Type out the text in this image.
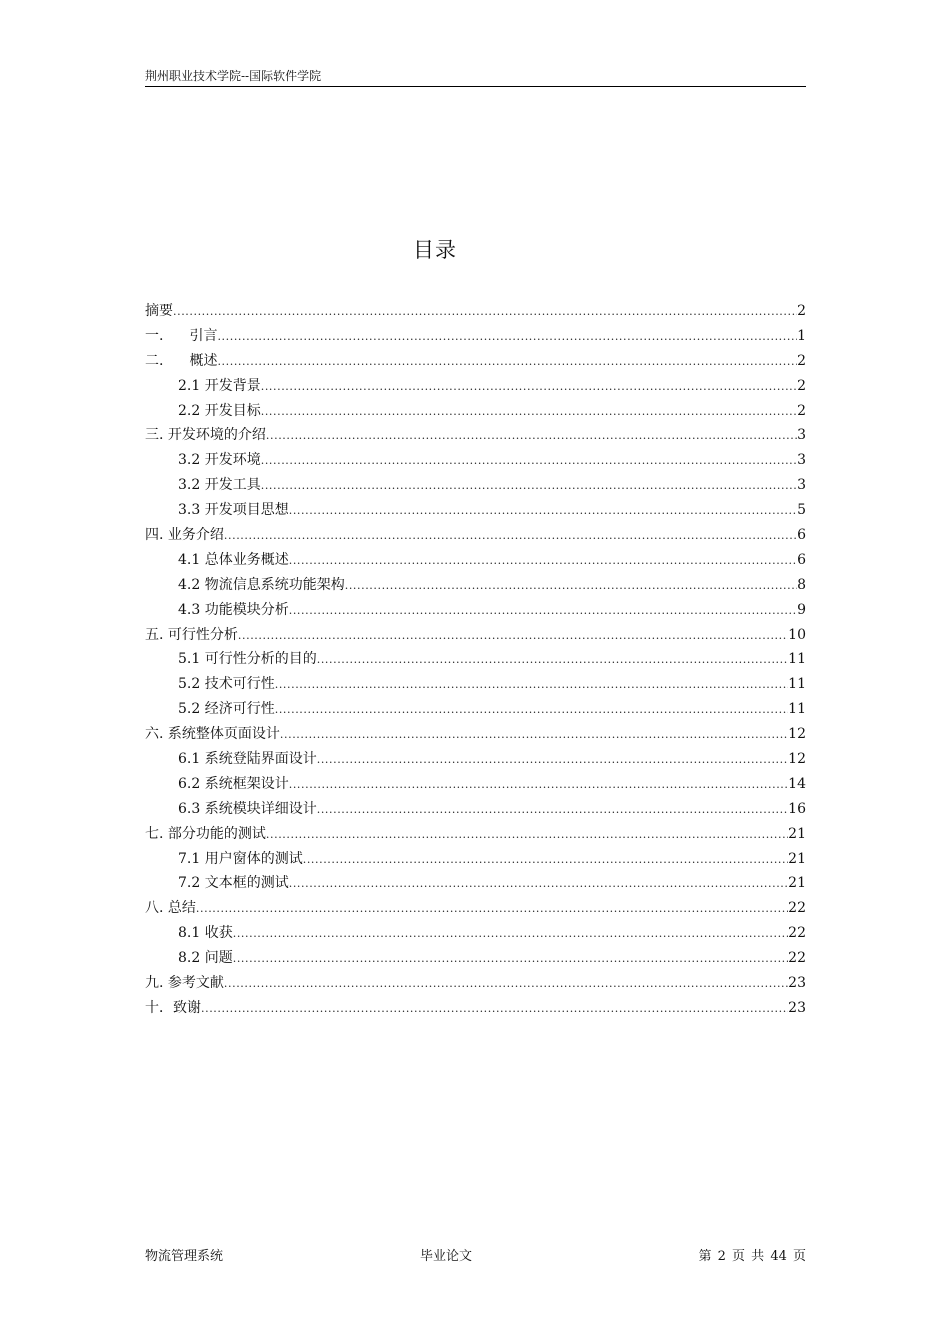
荆州职业技术学院--国际软件学院
目录
摘要 .....	2
一. 引言 .....	1
二. 概述 .....	2
2.1 开发背景 .....	2
2.2 开发目标 .....	2
三. 开发环境的介绍 .....	3
3.2 开发环境 .....	3
3.2 开发工具 .....	3
3.3 开发项目思想 .....	5
四. 业务介绍 .....	6
4.1 总体业务概述 .....	6
4.2 物流信息系统功能架构 .....	8
4.3 功能模块分析 .....	9
五. 可行性分析 .....	10
5.1 可行性分析的目的 .....	11
5.2 技术可行性 .....	11
5.2 经济可行性 .....	11
六. 系统整体页面设计 .....	12
6.1 系统登陆界面设计 .....	12
6.2 系统框架设计 .....	14
6.3 系统模块详细设计 .....	16
七. 部分功能的测试 .....	21
7.1 用户窗体的测试 .....	21
7.2 文本框的测试 .....	21
八. 总结 .....	22
8.1 收获 .....	22
8.2 问题 .....	22
九. 参考文献 .....	23
十．致谢 .....	23
物流管理系统	毕业论文	第 2 页 共 44 页
